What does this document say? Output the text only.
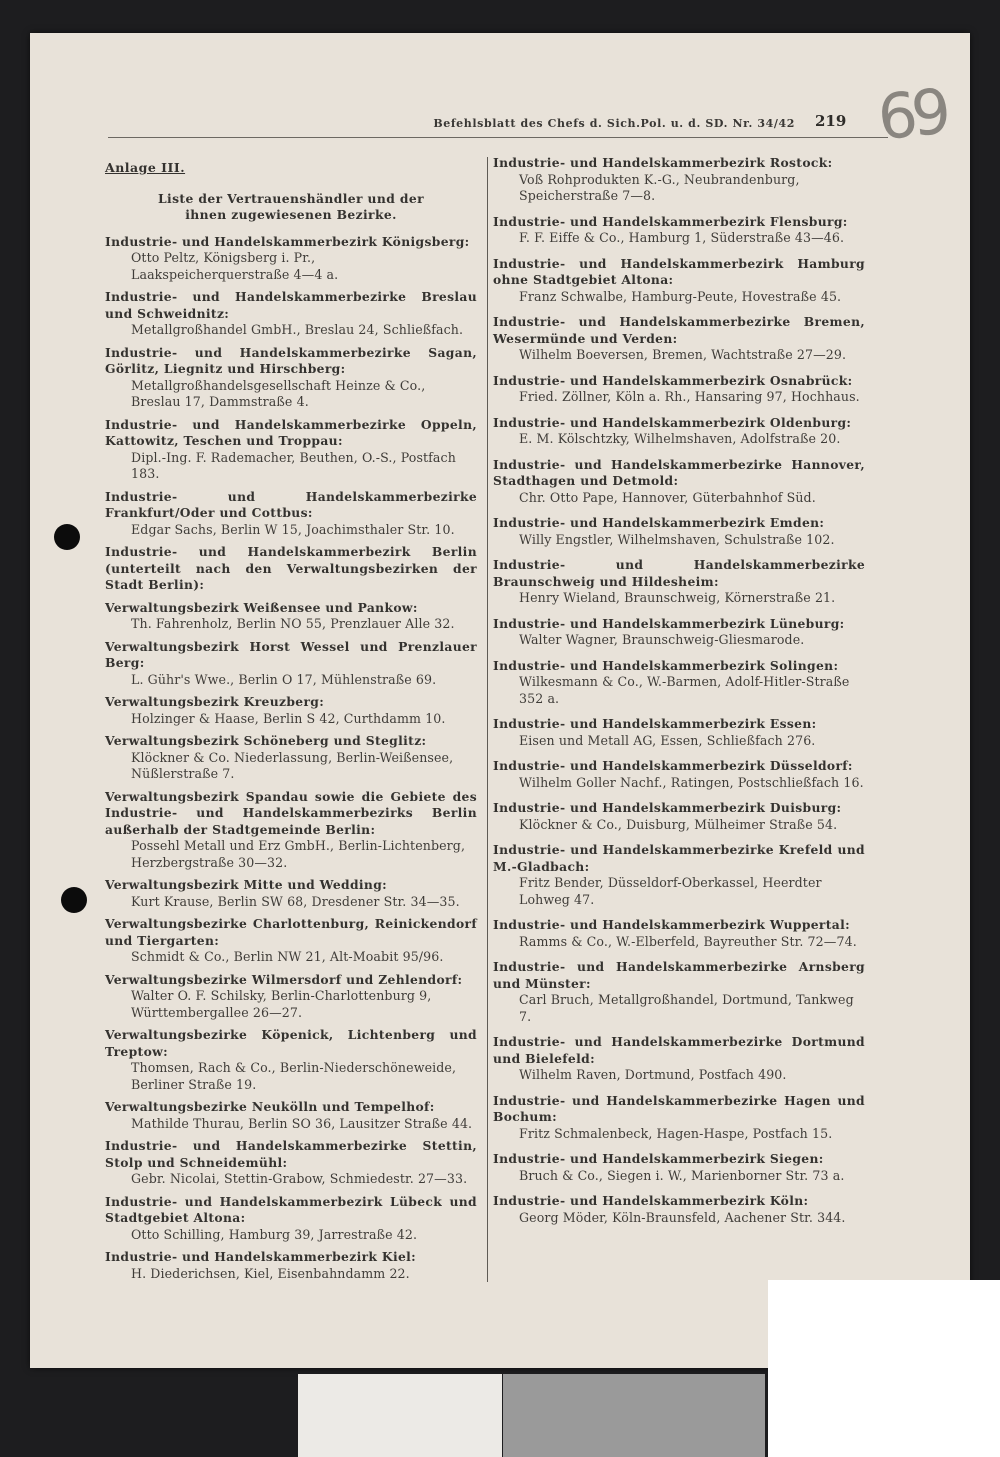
Befehlsblatt des Chefs d. Sich.Pol. u. d. SD. Nr. 34/42 219 69
Anlage III.
Liste der Vertrauenshändler und der ihnen zugewiesenen Bezirke.
Industrie- und Handelskammerbezirk Königsberg:
Otto Peltz, Königsberg i. Pr., Laakspeicherquerstraße 4—4 a.
Industrie- und Handelskammerbezirke Breslau und Schweidnitz:
Metallgroßhandel GmbH., Breslau 24, Schließfach.
Industrie- und Handelskammerbezirke Sagan, Görlitz, Liegnitz und Hirschberg:
Metallgroßhandelsgesellschaft Heinze & Co., Breslau 17, Dammstraße 4.
Industrie- und Handelskammerbezirke Oppeln, Kattowitz, Teschen und Troppau:
Dipl.-Ing. F. Rademacher, Beuthen, O.-S., Postfach 183.
Industrie- und Handelskammerbezirke Frankfurt/Oder und Cottbus:
Edgar Sachs, Berlin W 15, Joachimsthaler Str. 10.
Industrie- und Handelskammerbezirk Berlin (unterteilt nach den Verwaltungsbezirken der Stadt Berlin):
Verwaltungsbezirk Weißensee und Pankow:
Th. Fahrenholz, Berlin NO 55, Prenzlauer Alle 32.
Verwaltungsbezirk Horst Wessel und Prenzlauer Berg:
L. Gühr's Wwe., Berlin O 17, Mühlenstraße 69.
Verwaltungsbezirk Kreuzberg:
Holzinger & Haase, Berlin S 42, Curthdamm 10.
Verwaltungsbezirk Schöneberg und Steglitz:
Klöckner & Co. Niederlassung, Berlin-Weißensee, Nüßlerstraße 7.
Verwaltungsbezirk Spandau sowie die Gebiete des Industrie- und Handelskammerbezirks Berlin außerhalb der Stadtgemeinde Berlin:
Possehl Metall und Erz GmbH., Berlin-Lichtenberg, Herzbergstraße 30—32.
Verwaltungsbezirk Mitte und Wedding:
Kurt Krause, Berlin SW 68, Dresdener Str. 34—35.
Verwaltungsbezirke Charlottenburg, Reinickendorf und Tiergarten:
Schmidt & Co., Berlin NW 21, Alt-Moabit 95/96.
Verwaltungsbezirke Wilmersdorf und Zehlendorf:
Walter O. F. Schilsky, Berlin-Charlottenburg 9, Württembergallee 26—27.
Verwaltungsbezirke Köpenick, Lichtenberg und Treptow:
Thomsen, Rach & Co., Berlin-Niederschöneweide, Berliner Straße 19.
Verwaltungsbezirke Neukölln und Tempelhof:
Mathilde Thurau, Berlin SO 36, Lausitzer Straße 44.
Industrie- und Handelskammerbezirke Stettin, Stolp und Schneidemühl:
Gebr. Nicolai, Stettin-Grabow, Schmiedestr. 27—33.
Industrie- und Handelskammerbezirk Lübeck und Stadtgebiet Altona:
Otto Schilling, Hamburg 39, Jarrestraße 42.
Industrie- und Handelskammerbezirk Kiel:
H. Diederichsen, Kiel, Eisenbahndamm 22.
Industrie- und Handelskammerbezirk Rostock:
Voß Rohprodukten K.-G., Neubrandenburg, Speicherstraße 7—8.
Industrie- und Handelskammerbezirk Flensburg:
F. F. Eiffe & Co., Hamburg 1, Süderstraße 43—46.
Industrie- und Handelskammerbezirk Hamburg ohne Stadtgebiet Altona:
Franz Schwalbe, Hamburg-Peute, Hovestraße 45.
Industrie- und Handelskammerbezirke Bremen, Wesermünde und Verden:
Wilhelm Boeversen, Bremen, Wachtstraße 27—29.
Industrie- und Handelskammerbezirk Osnabrück:
Fried. Zöllner, Köln a. Rh., Hansaring 97, Hochhaus.
Industrie- und Handelskammerbezirk Oldenburg:
E. M. Kölschtzky, Wilhelmshaven, Adolfstraße 20.
Industrie- und Handelskammerbezirke Hannover, Stadthagen und Detmold:
Chr. Otto Pape, Hannover, Güterbahnhof Süd.
Industrie- und Handelskammerbezirk Emden:
Willy Engstler, Wilhelmshaven, Schulstraße 102.
Industrie- und Handelskammerbezirke Braunschweig und Hildesheim:
Henry Wieland, Braunschweig, Körnerstraße 21.
Industrie- und Handelskammerbezirk Lüneburg:
Walter Wagner, Braunschweig-Gliesmarode.
Industrie- und Handelskammerbezirk Solingen:
Wilkesmann & Co., W.-Barmen, Adolf-Hitler-Straße 352 a.
Industrie- und Handelskammerbezirk Essen:
Eisen und Metall AG, Essen, Schließfach 276.
Industrie- und Handelskammerbezirk Düsseldorf:
Wilhelm Goller Nachf., Ratingen, Postschließfach 16.
Industrie- und Handelskammerbezirk Duisburg:
Klöckner & Co., Duisburg, Mülheimer Straße 54.
Industrie- und Handelskammerbezirke Krefeld und M.-Gladbach:
Fritz Bender, Düsseldorf-Oberkassel, Heerdter Lohweg 47.
Industrie- und Handelskammerbezirk Wuppertal:
Ramms & Co., W.-Elberfeld, Bayreuther Str. 72—74.
Industrie- und Handelskammerbezirke Arnsberg und Münster:
Carl Bruch, Metallgroßhandel, Dortmund, Tankweg 7.
Industrie- und Handelskammerbezirke Dortmund und Bielefeld:
Wilhelm Raven, Dortmund, Postfach 490.
Industrie- und Handelskammerbezirke Hagen und Bochum:
Fritz Schmalenbeck, Hagen-Haspe, Postfach 15.
Industrie- und Handelskammerbezirk Siegen:
Bruch & Co., Siegen i. W., Marienborner Str. 73 a.
Industrie- und Handelskammerbezirk Köln:
Georg Möder, Köln-Braunsfeld, Aachener Str. 344.
